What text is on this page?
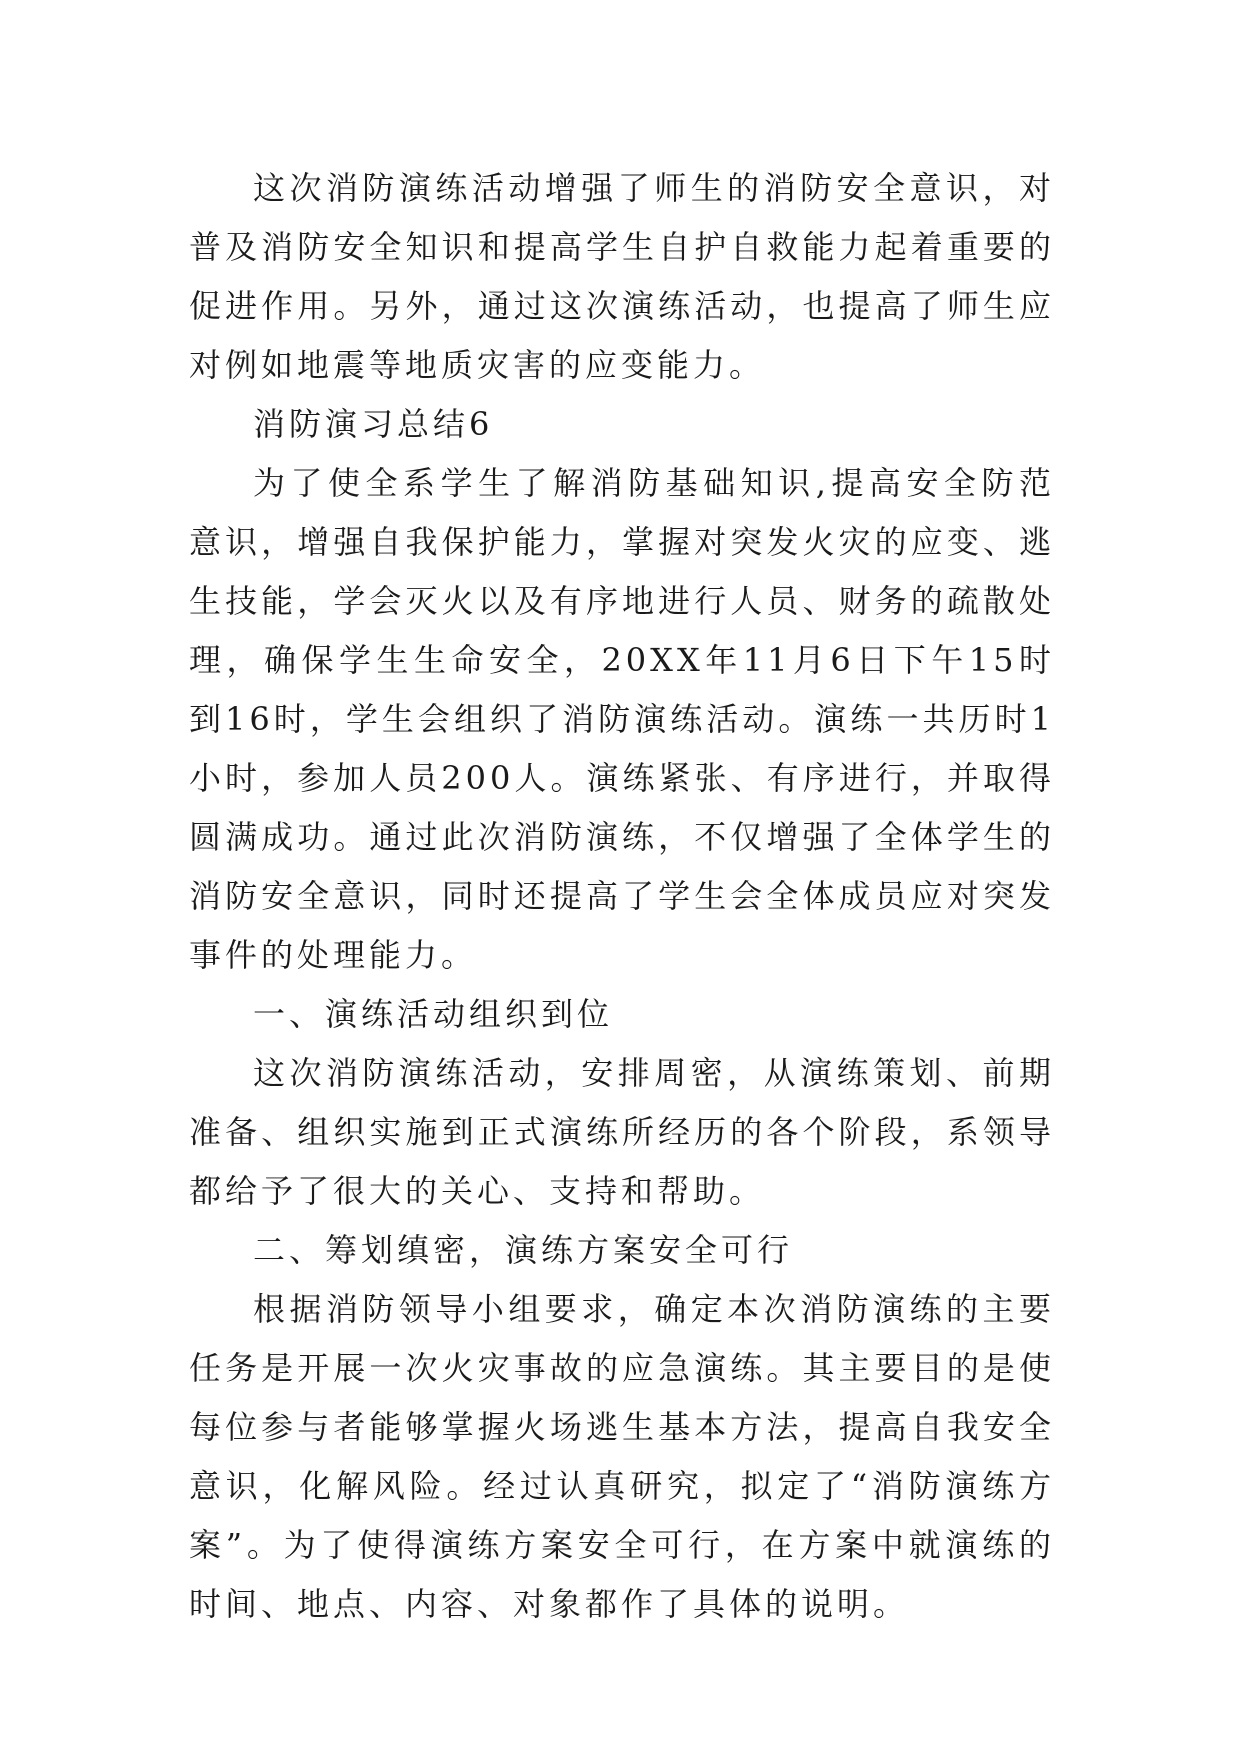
这次消防演练活动增强了师生的消防安全意识，对普及消防安全知识和提高学生自护自救能力起着重要的促进作用。另外，通过这次演练活动，也提高了师生应对例如地震等地质灾害的应变能力。

消防演习总结6

为了使全系学生了解消防基础知识,提高安全防范意识，增强自我保护能力，掌握对突发火灾的应变、逃生技能，学会灭火以及有序地进行人员、财务的疏散处理，确保学生生命安全，20XX年11月6日下午15时到16时，学生会组织了消防演练活动。演练一共历时1小时，参加人员200人。演练紧张、有序进行，并取得圆满成功。通过此次消防演练，不仅增强了全体学生的消防安全意识，同时还提高了学生会全体成员应对突发事件的处理能力。

一、演练活动组织到位

这次消防演练活动，安排周密，从演练策划、前期准备、组织实施到正式演练所经历的各个阶段，系领导都给予了很大的关心、支持和帮助。

二、筹划缜密，演练方案安全可行

根据消防领导小组要求，确定本次消防演练的主要任务是开展一次火灾事故的应急演练。其主要目的是使每位参与者能够掌握火场逃生基本方法，提高自我安全意识，化解风险。经过认真研究，拟定了“消防演练方案”。为了使得演练方案安全可行，在方案中就演练的时间、地点、内容、对象都作了具体的说明。
